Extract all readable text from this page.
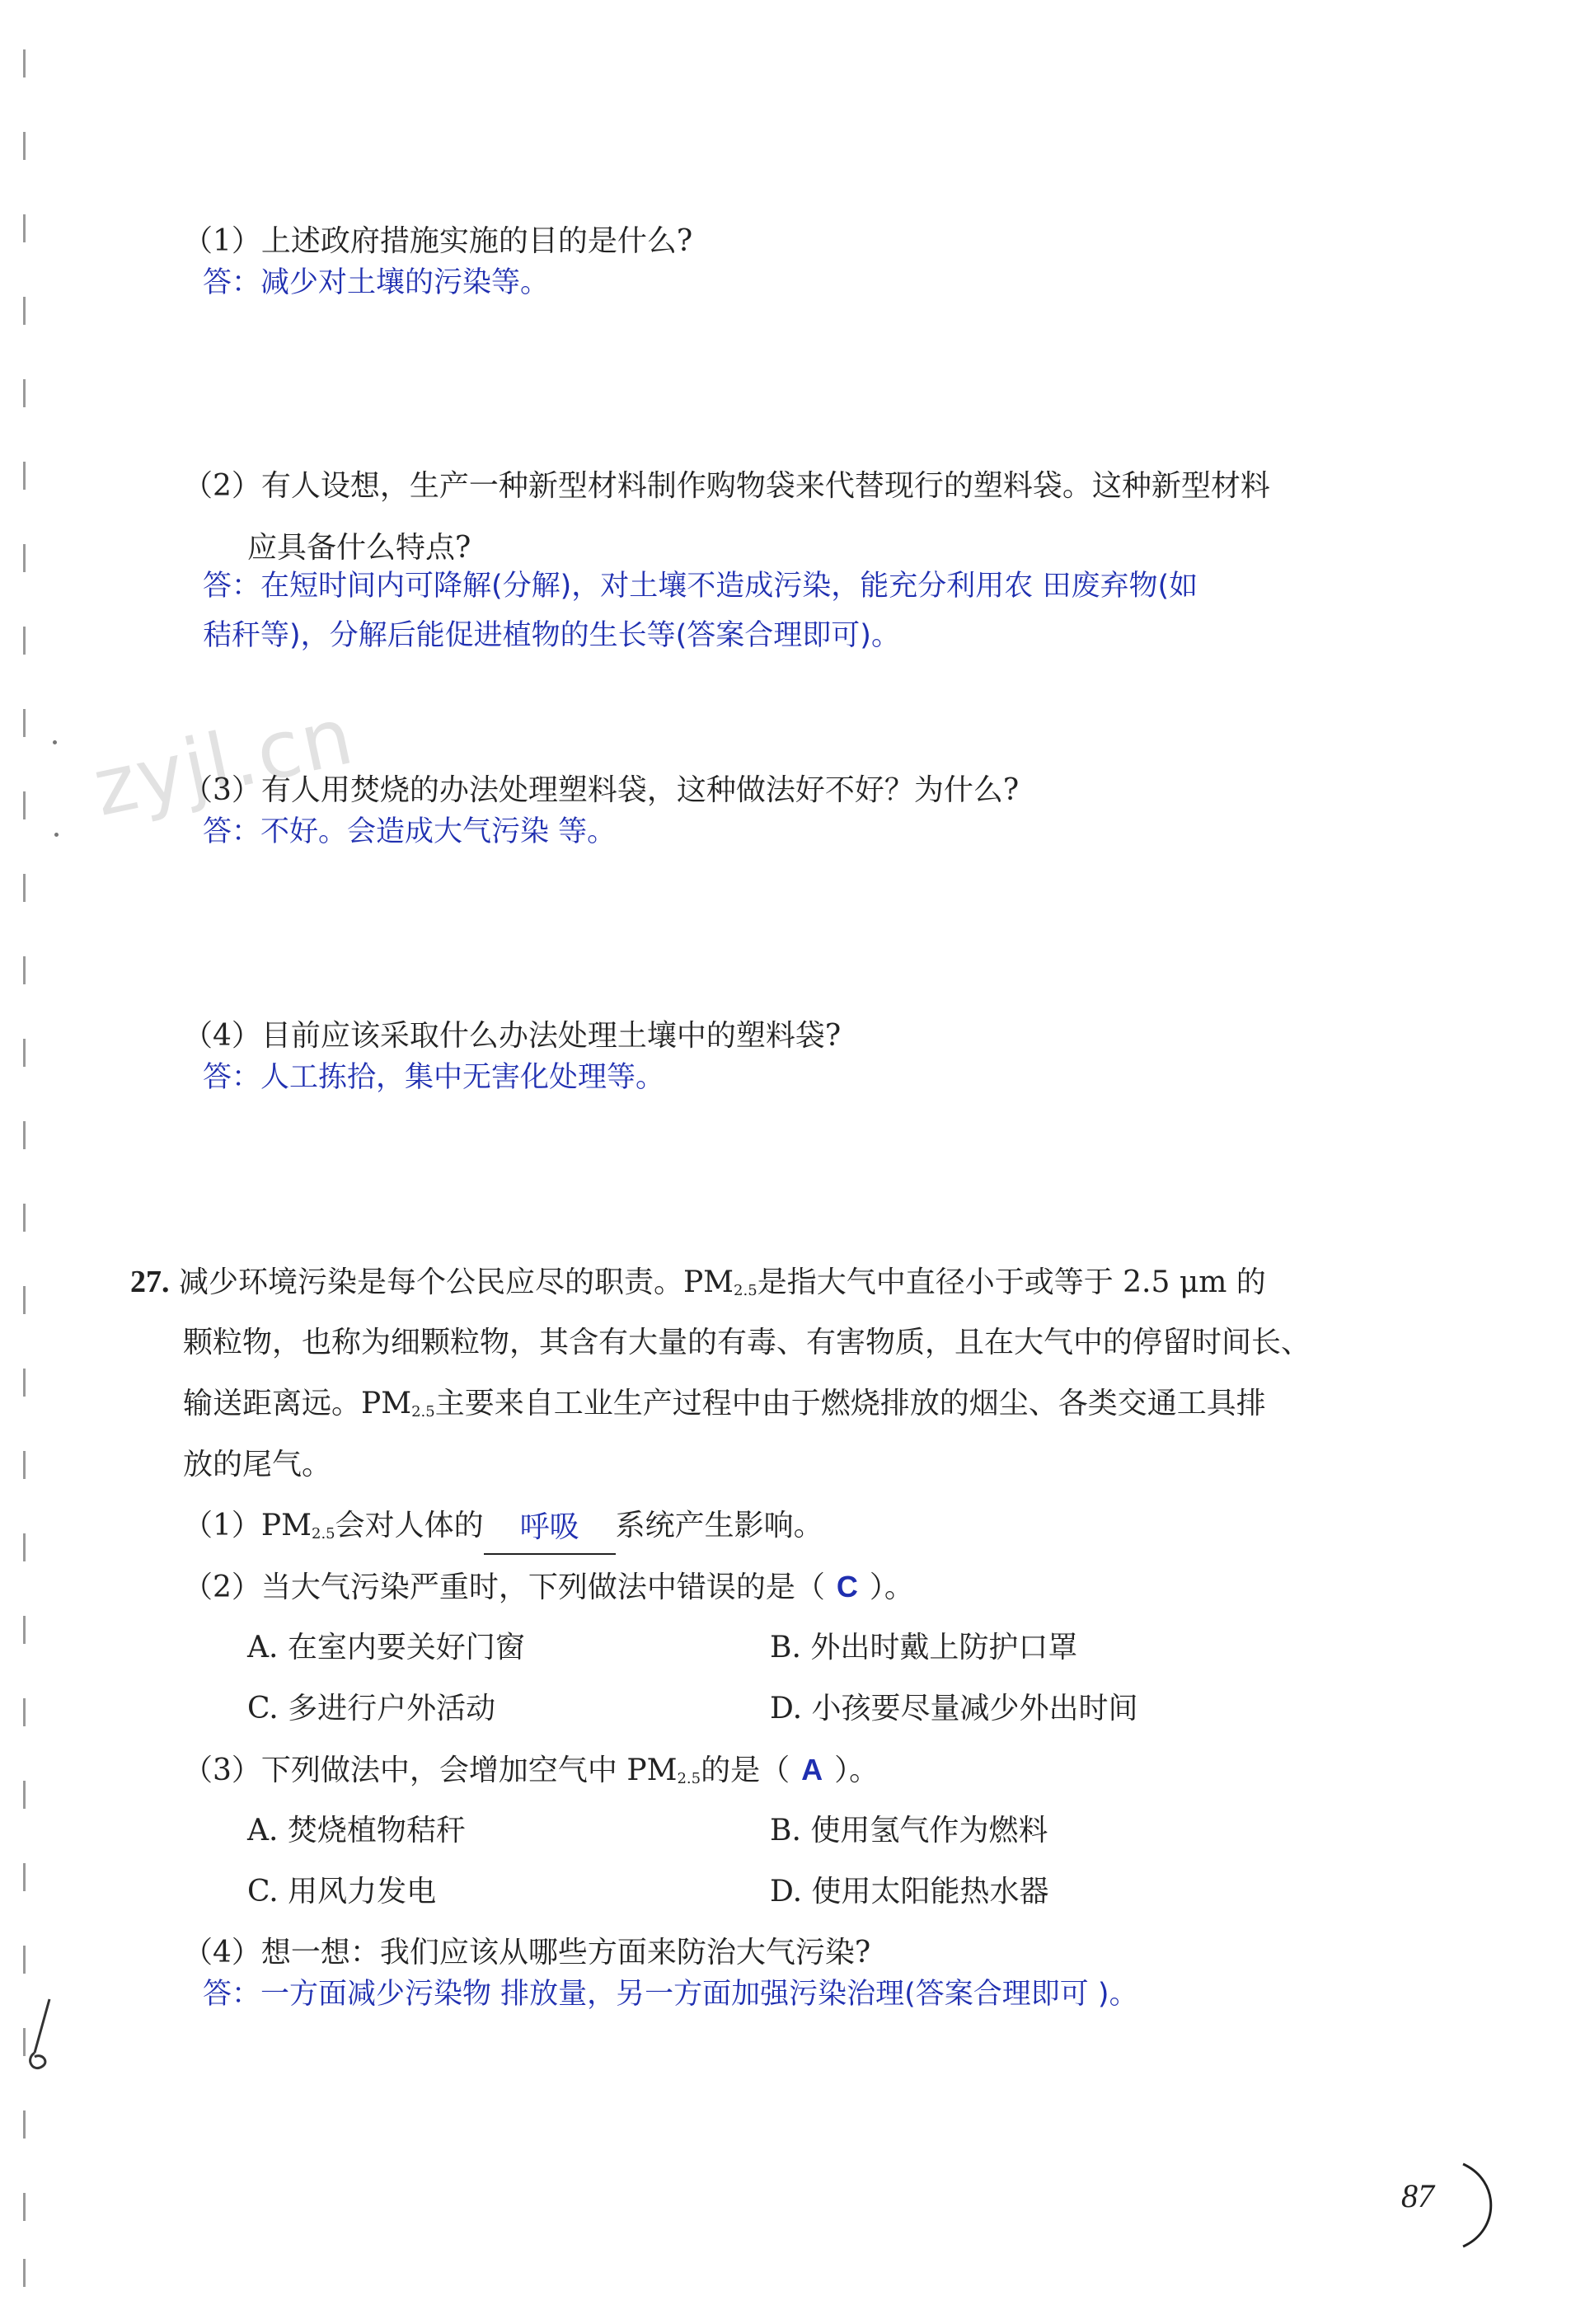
zyjl.cn
（1）上述政府措施实施的目的是什么?
答：减少对土壤的污染等。
（2）有人设想，生产一种新型材料制作购物袋来代替现行的塑料袋。这种新型材料
应具备什么特点?
答：在短时间内可降解(分解)，对土壤不造成污染，能充分利用农 田废弃物(如
秸秆等)，分解后能促进植物的生长等(答案合理即可)。
（3）有人用焚烧的办法处理塑料袋，这种做法好不好？为什么?
答：不好。会造成大气污染 等。
（4）目前应该采取什么办法处理土壤中的塑料袋?
答：人工拣拾，集中无害化处理等。
27. 减少环境污染是每个公民应尽的职责。$PM_{2.5}$是指大气中直径小于或等于 2.5 μm 的
颗粒物，也称为细颗粒物，其含有大量的有毒、有害物质，且在大气中的停留时间长、
输送距离远。$PM_{2.5}$主要来自工业生产过程中由于燃烧排放的烟尘、各类交通工具排
放的尾气。
$(1)PM_{2.5}$会对人体的	呼吸	系统产生影响。
（2）当大气污染严重时，下列做法中错误的是（ C ）。
A. 在室内要关好门窗	B. 外出时戴上防护口罩
C. 多进行户外活动	D. 小孩要尽量减少外出时间
（3）下列做法中，会增加空气中 $PM_{2.5}$的是（ A ）。
A. 焚烧植物秸秆	B. 使用氢气作为燃料
C. 用风力发电	D. 使用太阳能热水器
（4）想一想：我们应该从哪些方面来防治大气污染?
答：一方面减少污染物 排放量，另一方面加强污染治理(答案合理即可 )。
87
